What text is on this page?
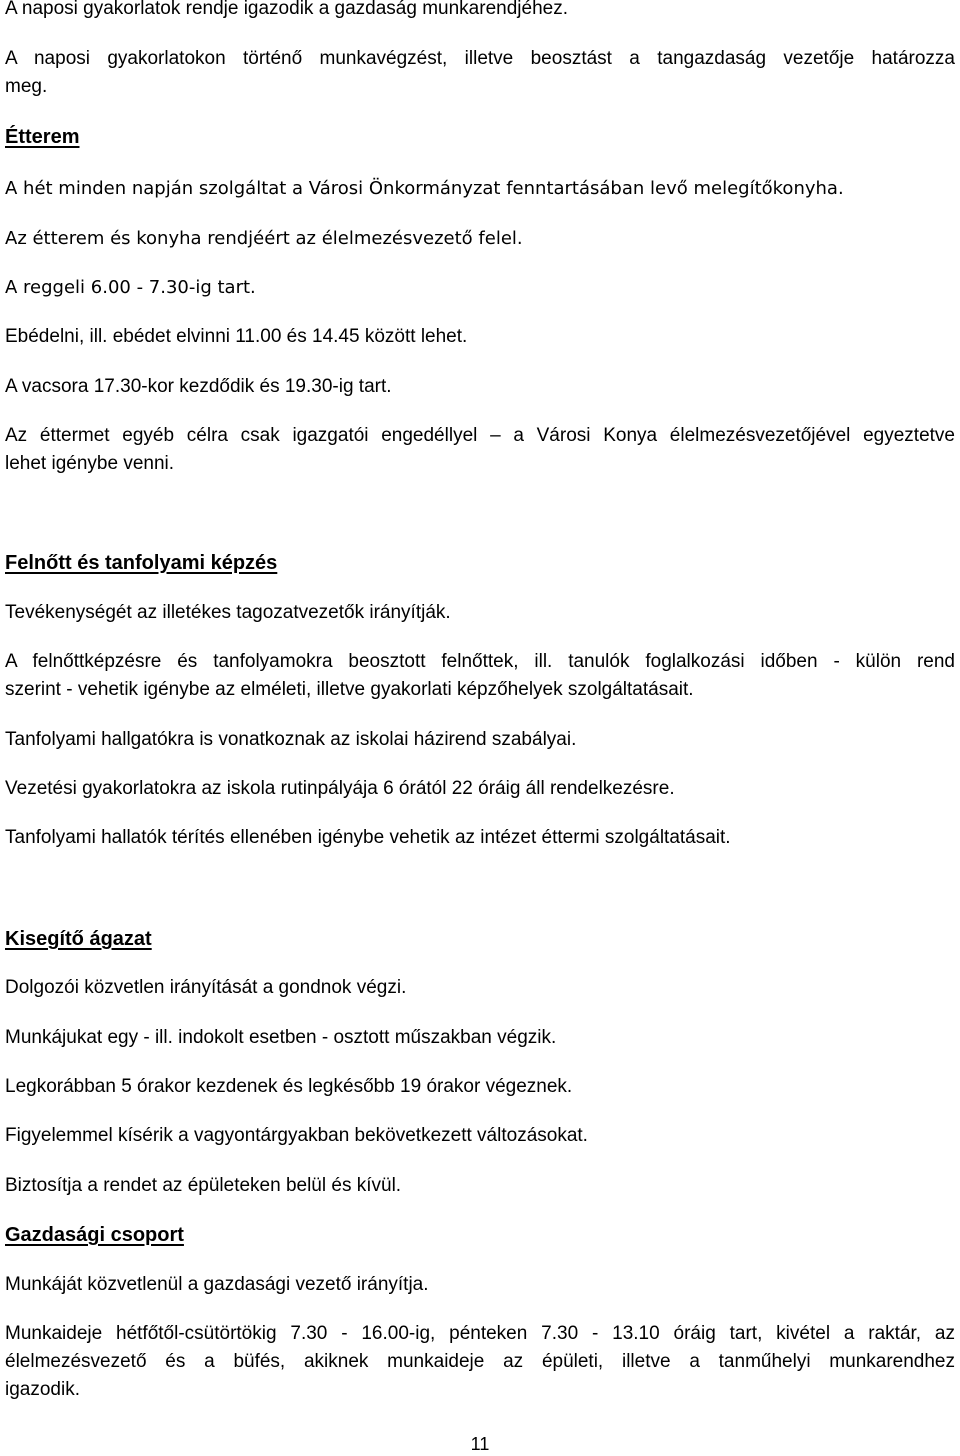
A naposi gyakorlatok rendje igazodik a gazdaság munkarendjéhez.

A naposi gyakorlatokon történő munkavégzést, illetve beosztást a tangazdaság vezetője határozza

meg.

Étterem

A hét minden napján szolgáltat a Városi Önkormányzat fenntartásában levő melegítőkonyha.

Az étterem és konyha rendjéért az élelmezésvezető felel.

A reggeli 6.00 - 7.30-ig tart.

Ebédelni, ill. ebédet elvinni 11.00 és 14.45 között lehet.

A vacsora 17.30-kor kezdődik és 19.30-ig tart.

Az éttermet egyéb célra csak igazgatói engedéllyel – a Városi Konya élelmezésvezetőjével egyeztetve

lehet igénybe venni.

Felnőtt és tanfolyami képzés

Tevékenységét az illetékes tagozatvezetők irányítják.

A felnőttképzésre és tanfolyamokra beosztott felnőttek, ill. tanulók foglalkozási időben - külön rend

szerint - vehetik igénybe az elméleti, illetve gyakorlati képzőhelyek szolgáltatásait.

Tanfolyami hallgatókra is vonatkoznak az iskolai házirend szabályai.

Vezetési gyakorlatokra az iskola rutinpályája 6 órától 22 óráig áll rendelkezésre.

Tanfolyami hallatók térítés ellenében igénybe vehetik az intézet éttermi szolgáltatásait.

Kisegítő ágazat

Dolgozói közvetlen irányítását a gondnok végzi.

Munkájukat egy - ill. indokolt esetben - osztott műszakban végzik.

Legkorábban 5 órakor kezdenek és legkésőbb 19 órakor végeznek.

Figyelemmel kísérik a vagyontárgyakban bekövetkezett változásokat.

Biztosítja a rendet az épületeken belül és kívül.

Gazdasági csoport

Munkáját közvetlenül a gazdasági vezető irányítja.

Munkaideje hétfőtől-csütörtökig 7.30 - 16.00-ig, pénteken 7.30 - 13.10 óráig tart, kivétel a raktár, az

élelmezésvezető és a büfés, akiknek munkaideje az épületi, illetve a tanműhelyi munkarendhez

igazodik.

11
